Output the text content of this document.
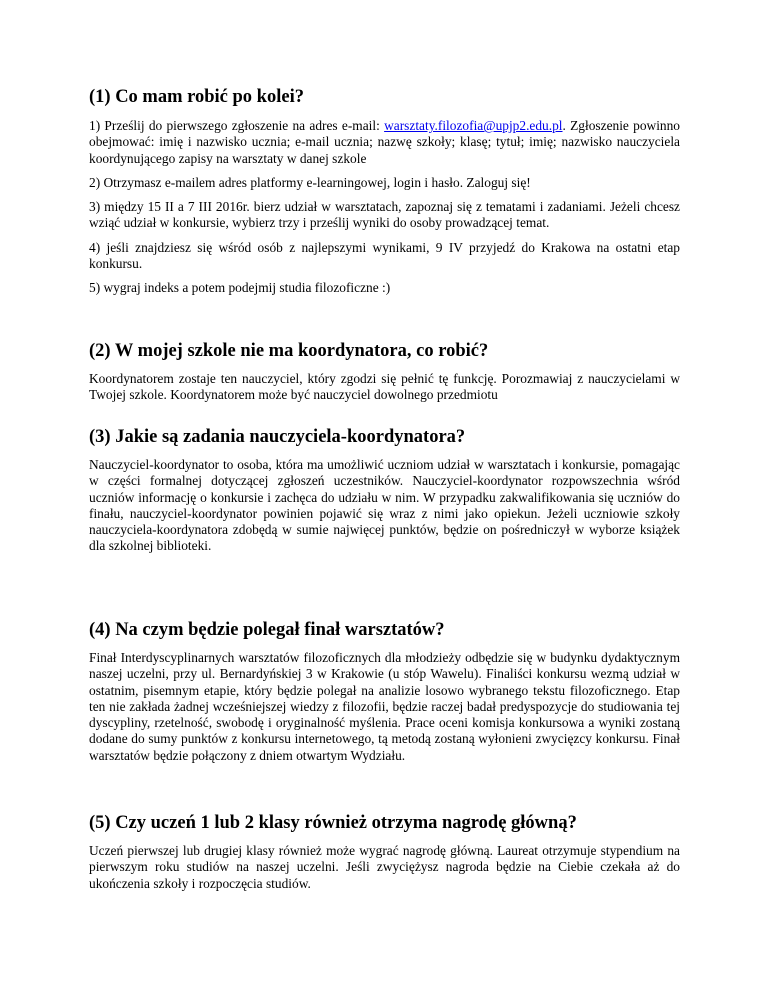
(1) Co mam robić po kolei?

1) Prześlij do pierwszego zgłoszenie na adres e-mail: warsztaty.filozofia@upjp2.edu.pl. Zgłoszenie powinno obejmować: imię i nazwisko ucznia; e-mail ucznia; nazwę szkoły; klasę; tytuł; imię; nazwisko nauczyciela koordynującego zapisy na warsztaty w danej szkole

2) Otrzymasz e-mailem adres platformy e-learningowej, login i hasło. Zaloguj się!

3) między 15 II a 7 III 2016r. bierz udział w warsztatach, zapoznaj się z tematami i zadaniami. Jeżeli chcesz wziąć udział w konkursie, wybierz trzy i prześlij wyniki do osoby prowadzącej temat.

4) jeśli znajdziesz się wśród osób z najlepszymi wynikami, 9 IV przyjedź do Krakowa na ostatni etap konkursu.

5) wygraj indeks a potem podejmij studia filozoficzne :)

(2) W mojej szkole nie ma koordynatora, co robić?

Koordynatorem zostaje ten nauczyciel, który zgodzi się pełnić tę funkcję. Porozmawiaj z nauczycielami w Twojej szkole. Koordynatorem może być nauczyciel dowolnego przedmiotu

(3) Jakie są zadania nauczyciela-koordynatora?

Nauczyciel-koordynator to osoba, która ma umożliwić uczniom udział w warsztatach i konkursie, pomagając w części formalnej dotyczącej zgłoszeń uczestników. Nauczyciel-koordynator rozpowszechnia wśród uczniów informację o konkursie i zachęca do udziału w nim. W przypadku zakwalifikowania się uczniów do finału, nauczyciel-koordynator powinien pojawić się wraz z nimi jako opiekun. Jeżeli uczniowie szkoły nauczyciela-koordynatora zdobędą w sumie najwięcej punktów, będzie on pośredniczył w wyborze książek dla szkolnej biblioteki.

(4) Na czym będzie polegał finał warsztatów?

Finał Interdyscyplinarnych warsztatów filozoficznych dla młodzieży odbędzie się w budynku dydaktycznym naszej uczelni, przy ul. Bernardyńskiej 3 w Krakowie (u stóp Wawelu). Finaliści konkursu wezmą udział w ostatnim, pisemnym etapie, który będzie polegał na analizie losowo wybranego tekstu filozoficznego. Etap ten nie zakłada żadnej wcześniejszej wiedzy z filozofii, będzie raczej badał predyspozycje do studiowania tej dyscypliny, rzetelność, swobodę i oryginalność myślenia. Prace oceni komisja konkursowa a wyniki zostaną dodane do sumy punktów z konkursu internetowego, tą metodą zostaną wyłonieni zwycięzcy konkursu. Finał warsztatów będzie połączony z dniem otwartym Wydziału.

(5) Czy uczeń 1 lub 2 klasy również otrzyma nagrodę główną?

Uczeń pierwszej lub drugiej klasy również może wygrać nagrodę główną. Laureat otrzymuje stypendium na pierwszym roku studiów na naszej uczelni. Jeśli zwyciężysz nagroda będzie na Ciebie czekała aż do ukończenia szkoły i rozpoczęcia studiów.
